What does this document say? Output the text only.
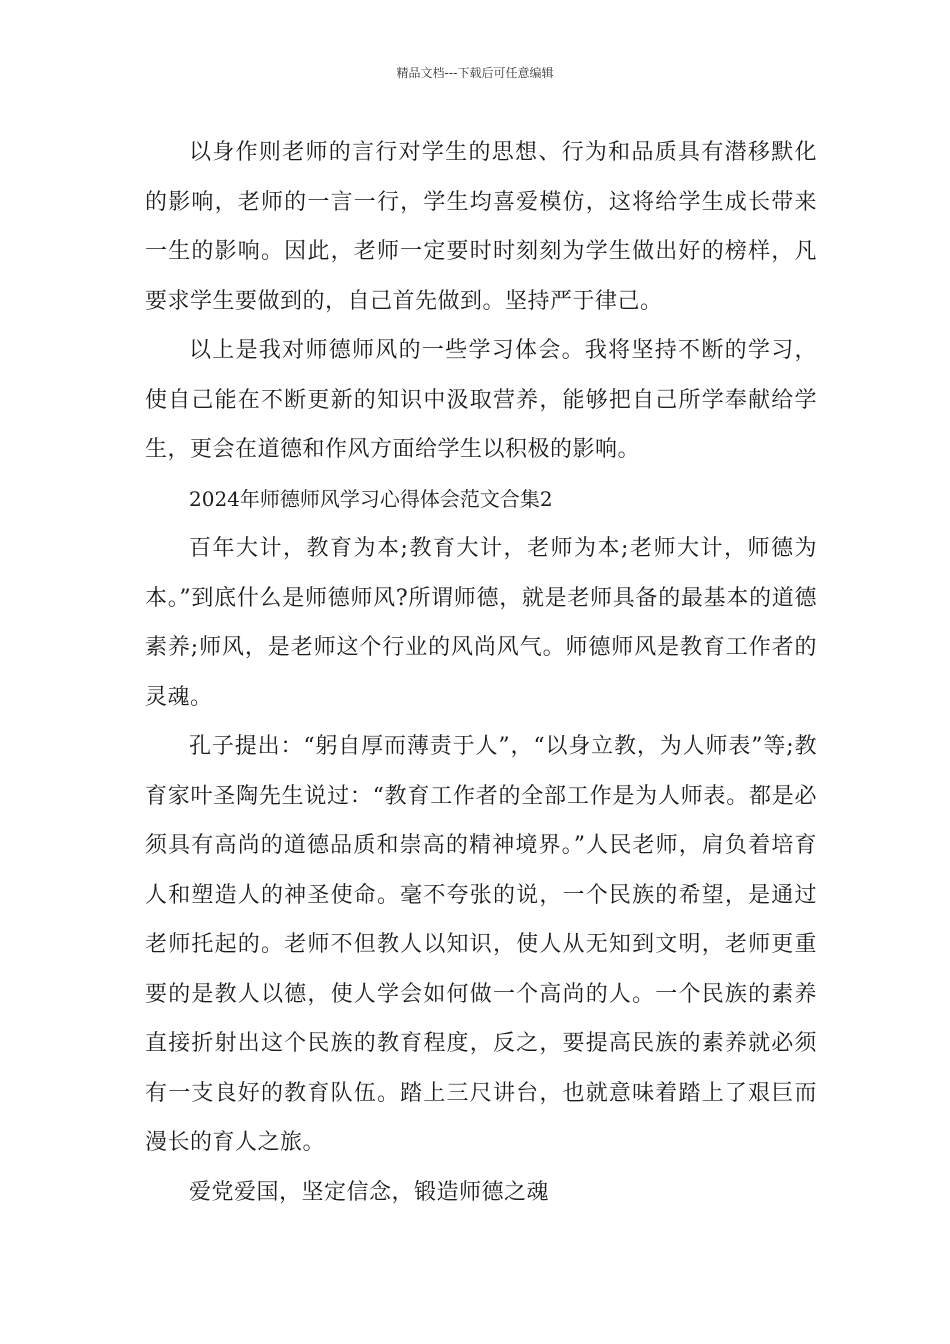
精品文档---下载后可任意编辑

以身作则老师的言行对学生的思想、行为和品质具有潜移默化的影响，老师的一言一行，学生均喜爱模仿，这将给学生成长带来一生的影响。因此，老师一定要时时刻刻为学生做出好的榜样，凡要求学生要做到的，自己首先做到。坚持严于律己。

以上是我对师德师风的一些学习体会。我将坚持不断的学习，使自己能在不断更新的知识中汲取营养，能够把自己所学奉献给学生，更会在道德和作风方面给学生以积极的影响。

2024年师德师风学习心得体会范文合集2

百年大计，教育为本;教育大计，老师为本;老师大计，师德为本。”到底什么是师德师风?所谓师德，就是老师具备的最基本的道德素养;师风，是老师这个行业的风尚风气。师德师风是教育工作者的灵魂。

孔子提出：“躬自厚而薄责于人”，“以身立教，为人师表”等;教育家叶圣陶先生说过：“教育工作者的全部工作是为人师表。都是必须具有高尚的道德品质和崇高的精神境界。”人民老师，肩负着培育人和塑造人的神圣使命。毫不夸张的说，一个民族的希望，是通过老师托起的。老师不但教人以知识，使人从无知到文明，老师更重要的是教人以德，使人学会如何做一个高尚的人。一个民族的素养直接折射出这个民族的教育程度，反之，要提高民族的素养就必须有一支良好的教育队伍。踏上三尺讲台，也就意味着踏上了艰巨而漫长的育人之旅。

爱党爱国，坚定信念，锻造师德之魂
